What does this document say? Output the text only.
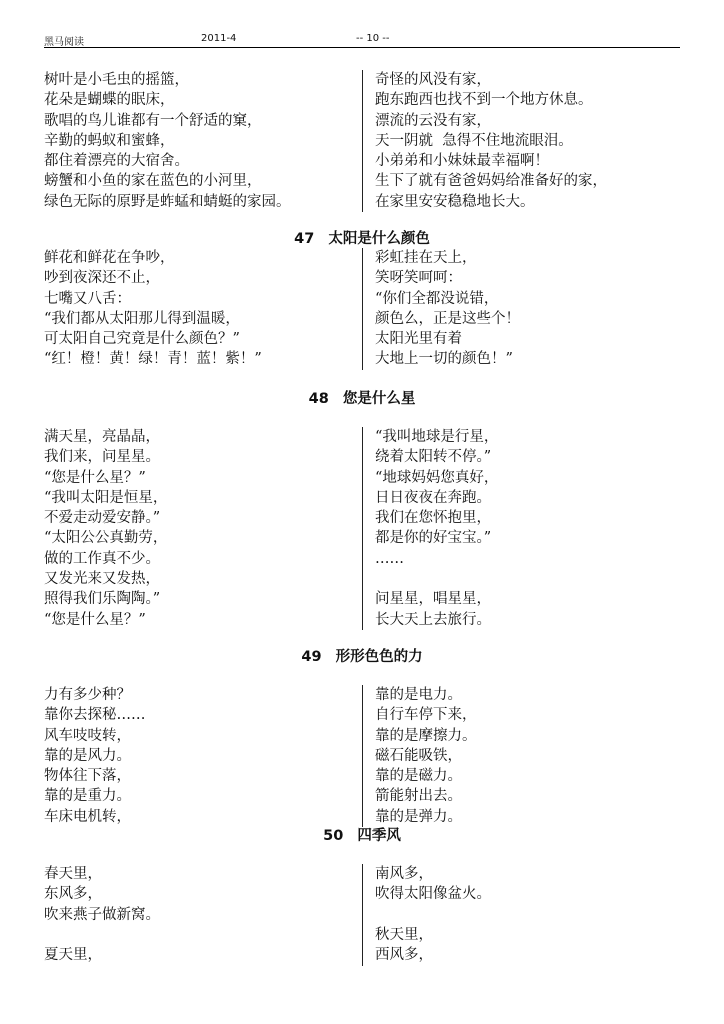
黑马阅读	2011-4	-- 10 --
树叶是小毛虫的摇篮，
花朵是蝴蝶的眠床，
歌唱的鸟儿谁都有一个舒适的窠，
辛勤的蚂蚁和蜜蜂，
都住着漂亮的大宿舍。
螃蟹和小鱼的家在蓝色的小河里，
绿色无际的原野是蚱蜢和蜻蜓的家园。
奇怪的风没有家，
跑东跑西也找不到一个地方休息。
漂流的云没有家，
天一阴就  急得不住地流眼泪。
小弟弟和小妹妹最幸福啊！
生下了就有爸爸妈妈给准备好的家，
在家里安安稳稳地长大。
47 太阳是什么颜色
鲜花和鲜花在争吵，
吵到夜深还不止，
七嘴又八舌：
“我们都从太阳那儿得到温暖，
可太阳自己究竟是什么颜色？”
“红！橙！黄！绿！青！蓝！紫！”
彩虹挂在天上，
笑呀笑呵呵：
“你们全都没说错，
颜色么，正是这些个！
太阳光里有着
大地上一切的颜色！”
48 您是什么星
满天星，亮晶晶，
我们来，问星星。
“您是什么星？”
“我叫太阳是恒星，
不爱走动爱安静。”
“太阳公公真勤劳，
做的工作真不少。
又发光来又发热，
照得我们乐陶陶。”
“您是什么星？”
“我叫地球是行星，
绕着太阳转不停。”
“地球妈妈您真好，
日日夜夜在奔跑。
我们在您怀抱里，
都是你的好宝宝。”
……
问星星，唱星星，
长大天上去旅行。
49 形形色色的力
力有多少种？
靠你去探秘……
风车吱吱转，
靠的是风力。
物体往下落，
靠的是重力。
车床电机转，
靠的是电力。
自行车停下来，
靠的是摩擦力。
磁石能吸铁，
靠的是磁力。
箭能射出去。
靠的是弹力。
50 四季风
春天里，
东风多，
吹来燕子做新窝。
夏天里，
南风多，
吹得太阳像盆火。
秋天里，
西风多，
